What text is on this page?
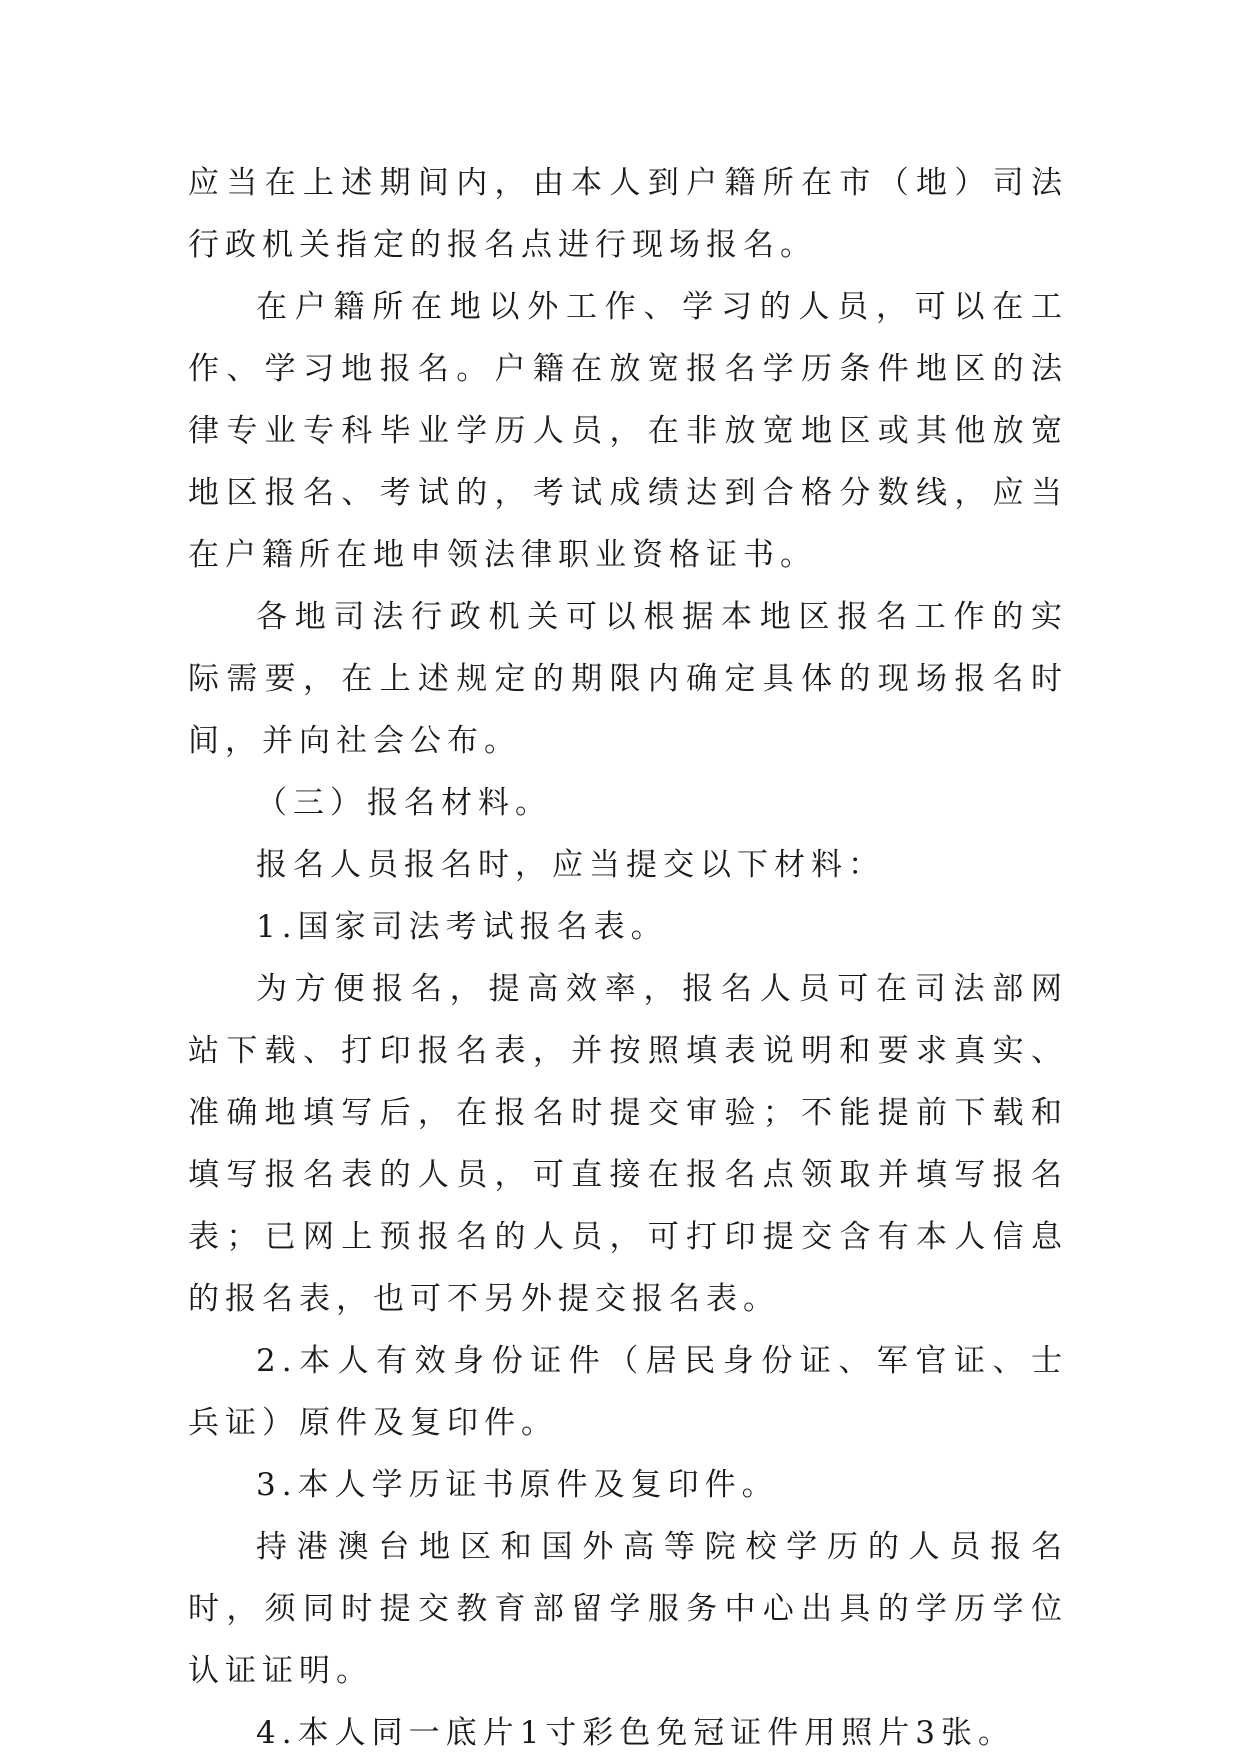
应当在上述期间内，由本人到户籍所在市（地）司法行政机关指定的报名点进行现场报名。

在户籍所在地以外工作、学习的人员，可以在工作、学习地报名。户籍在放宽报名学历条件地区的法律专业专科毕业学历人员，在非放宽地区或其他放宽地区报名、考试的，考试成绩达到合格分数线，应当在户籍所在地申领法律职业资格证书。

各地司法行政机关可以根据本地区报名工作的实际需要，在上述规定的期限内确定具体的现场报名时间，并向社会公布。

（三）报名材料。

报名人员报名时，应当提交以下材料：

1.国家司法考试报名表。

为方便报名，提高效率，报名人员可在司法部网站下载、打印报名表，并按照填表说明和要求真实、准确地填写后，在报名时提交审验；不能提前下载和填写报名表的人员，可直接在报名点领取并填写报名表；已网上预报名的人员，可打印提交含有本人信息的报名表，也可不另外提交报名表。

2.本人有效身份证件（居民身份证、军官证、士兵证）原件及复印件。

3.本人学历证书原件及复印件。

持港澳台地区和国外高等院校学历的人员报名时，须同时提交教育部留学服务中心出具的学历学位认证证明。

4.本人同一底片1寸彩色免冠证件用照片3张。
